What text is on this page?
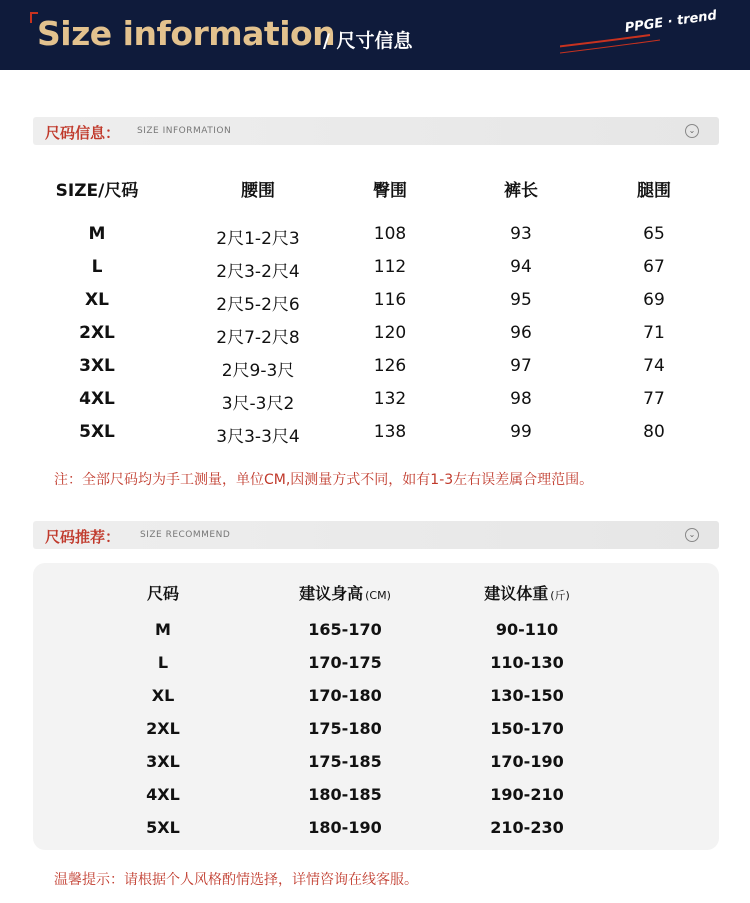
Size information
/ 尺寸信息
PPGE · trend
尺码信息： SIZE INFORMATION	⌄
SIZE/尺码	腰围	臀围	裤长	腿围
M	2尺1-2尺3	108	93	65
L	2尺3-2尺4	112	94	67
XL	2尺5-2尺6	116	95	69
2XL	2尺7-2尺8	120	96	71
3XL	2尺9-3尺	126	97	74
4XL	3尺-3尺2	132	98	77
5XL	3尺3-3尺4	138	99	80
注：全部尺码均为手工测量，单位CM,因测量方式不同，如有1-3左右误差属合理范围。
尺码推荐： SIZE RECOMMEND	⌄
尺码	建议身高 (CM)	建议体重 (斤)
M	165-170	90-110
L	170-175	110-130
XL	170-180	130-150
2XL	175-180	150-170
3XL	175-185	170-190
4XL	180-185	190-210
5XL	180-190	210-230
温馨提示：请根据个人风格酌情选择，详情咨询在线客服。
